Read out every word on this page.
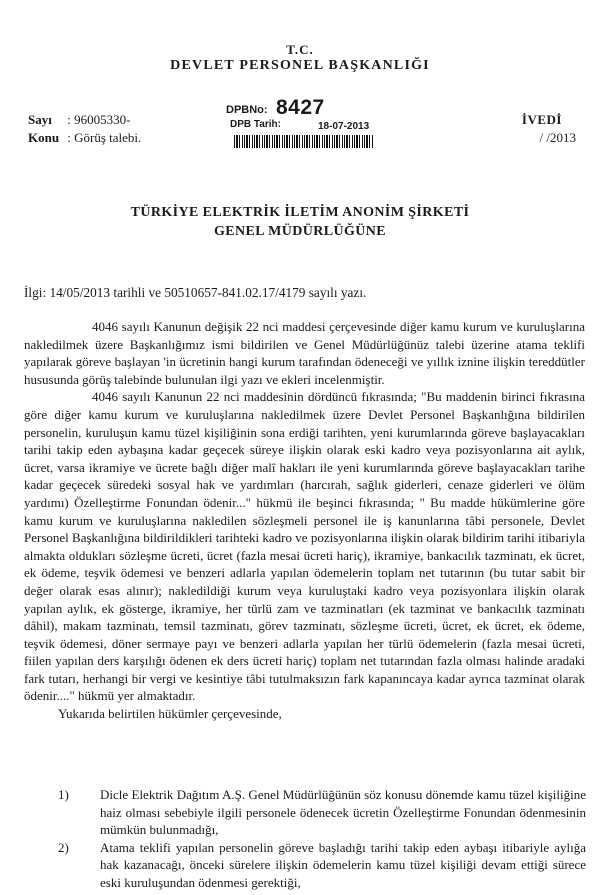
T.C.
DEVLET PERSONEL BAŞKANLIĞI
Sayı : 96005330-
Konu : Görüş talebi.
DPBNo: 8427
DPB Tarih:	18-07-2013	İVEDİ
/ /2013
TÜRKİYE ELEKTRİK İLETİM ANONİM ŞİRKETİ
GENEL MÜDÜRLÜĞÜNE
İlgi: 14/05/2013 tarihli ve 50510657-841.02.17/4179 sayılı yazı.

4046 sayılı Kanunun değişik 22 nci maddesi çerçevesinde diğer kamu kurum ve kuruluşlarına nakledilmek üzere Başkanlığımız ismi bildirilen ve Genel Müdürlüğünüz talebi üzerine atama teklifi yapılarak göreve başlayan 'in ücretinin hangi kurum tarafından ödeneceği ve yıllık iznine ilişkin tereddütler hususunda görüş talebinde bulunulan ilgi yazı ve ekleri incelenmiştir.

4046 sayılı Kanunun 22 nci maddesinin dördüncü fıkrasında; "Bu maddenin birinci fıkrasına göre diğer kamu kurum ve kuruluşlarına nakledilmek üzere Devlet Personel Başkanlığına bildirilen personelin, kuruluşun kamu tüzel kişiliğinin sona erdiği tarihten, yeni kurumlarında göreve başlayacakları tarihi takip eden aybaşına kadar geçecek süreye ilişkin olarak eski kadro veya pozisyonlarına ait aylık, ücret, varsa ikramiye ve ücrete bağlı diğer malî hakları ile yeni kurumlarında göreve başlayacakları tarihe kadar geçecek süredeki sosyal hak ve yardımları (harcırah, sağlık giderleri, cenaze giderleri ve ölüm yardımı) Özelleştirme Fonundan ödenir..." hükmü ile beşinci fıkrasında; " Bu madde hükümlerine göre kamu kurum ve kuruluşlarına nakledilen sözleşmeli personel ile iş kanunlarına tâbi personele, Devlet Personel Başkanlığına bildirildikleri tarihteki kadro ve pozisyonlarına ilişkin olarak bildirim tarihi itibariyla almakta oldukları sözleşme ücreti, ücret (fazla mesai ücreti hariç), ikramiye, bankacılık tazminatı, ek ücret, ek ödeme, teşvik ödemesi ve benzeri adlarla yapılan ödemelerin toplam net tutarının (bu tutar sabit bir değer olarak esas alınır); nakledildiği kurum veya kuruluştaki kadro veya pozisyonlara ilişkin olarak yapılan aylık, ek gösterge, ikramiye, her türlü zam ve tazminatları (ek tazminat ve bankacılık tazminatı dâhil), makam tazminatı, temsil tazminatı, görev tazminatı, sözleşme ücreti, ücret, ek ücret, ek ödeme, teşvik ödemesi, döner sermaye payı ve benzeri adlarla yapılan her türlü ödemelerin (fazla mesai ücreti, fiilen yapılan ders karşılığı ödenen ek ders ücreti hariç) toplam net tutarından fazla olması halinde aradaki fark tutarı, herhangi bir vergi ve kesintiye tâbi tutulmaksızın fark kapanıncaya kadar ayrıca tazminat olarak ödenir...." hükmü yer almaktadır.

Yukarıda belirtilen hükümler çerçevesinde,

1) Dicle Elektrik Dağıtım A.Ş. Genel Müdürlüğünün söz konusu dönemde kamu tüzel kişiliğine haiz olması sebebiyle ilgili personele ödenecek ücretin Özelleştirme Fonundan ödenmesinin mümkün bulunmadığı,
2) Atama teklifi yapılan personelin göreve başladığı tarihi takip eden aybaşı itibariyle aylığa hak kazanacağı, önceki sürelere ilişkin ödemelerin kamu tüzel kişiliği devam ettiği sürece eski kuruluşundan ödenmesi gerektiği,
